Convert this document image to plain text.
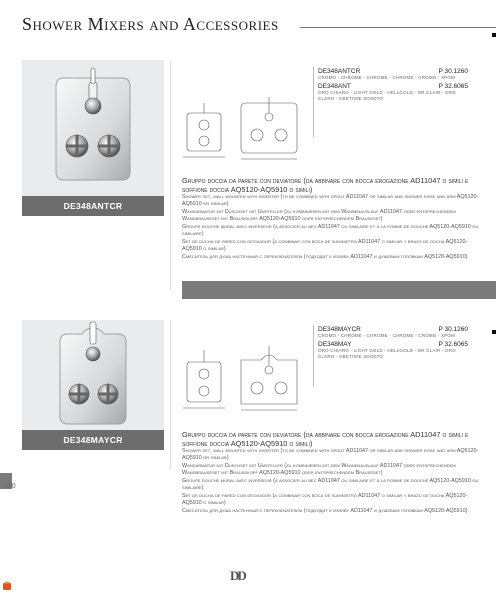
Shower Mixers and Accessories
DE348ANTCR
DE348ANTCR	P 30.1260
CROMO - CHROME - CHROME - CHROME - CROMO - ХРОМ
DE348ANT	P 32.6065
ORO CHIARO - LIGHT GOLD - HELLGOLD - OR CLAIR - ORO CLARO - СВЕТЛОЕ ЗОЛОТО
Gruppo doccia da parete con deviatore (da abbinare con bocca erogazione AD11047 o simili e soffione doccia AQ5120-AQ5910 o simili)
Shower set, wall mounted with diverter (to be combined with spout AD11047 or similar and shower rose and arm AQ5120-AQ5910 or similar)
Wandarmatur mit Duschset mit Umsteller (zu kombinieren mit dem Wannenauslauf AD11047 oder entsprechendem Wandbrauseset mit Brausekopf AQ5120-AQ5910 oder entsprechendem Brauseset)
Groupe douche mural avec inverseur (à associer au bec AD11047 ou similaire et à la pomme de douche AQ5120-AQ5910 ou similaire)
Set de ducha de pared con desviador (a combinar con boca de suministro AD11047 o similar y brazo de ducha AQ5120-AQ5910 o similar)
Смеситель для душа настенный с переключателем (подходит к изливу AD11047 и душевым головкам AQ5120-AQ5910)
DE348MAYCR
DE348MAYCR	P 30.1260
CROMO - CHROME - CHROME - CHROME - CROMO - ХРОМ
DE348MAY	P 32.6065
ORO CHIARO - LIGHT GOLD - HELLGOLD - OR CLAIR - ORO CLARO - СВЕТЛОЕ ЗОЛОТО
Gruppo doccia da parete con deviatore (da abbinare con bocca erogazione AD11047 o simili e soffione doccia AQ5120-AQ5910 o simili)
Shower set, wall mounted with diverter (to be combined with spout AD11047 or similar and shower rose and arm AQ5120-AQ5910 or similar)
Wandarmatur mit Duschset mit Umsteller (zu kombinieren mit dem Wannenauslauf AD11047 oder entsprechendem Wandbrauseset mit Brausekopf AQ5120-AQ5910 oder entsprechendem Brauseset)
Groupe douche mural avec inverseur (à associer au bec AD11047 ou similaire et à la pomme de douche AQ5120-AQ5910 ou similaire)
Set de ducha de pared con desviador (a combinar con boca de suministro AD11047 o similar y brazo de ducha AQ5120-AQ5910 o similar)
Смеситель для душа настенный с переключателем (подходит к изливу AD11047 и душевым головкам AQ5120-AQ5910)
130
DD
